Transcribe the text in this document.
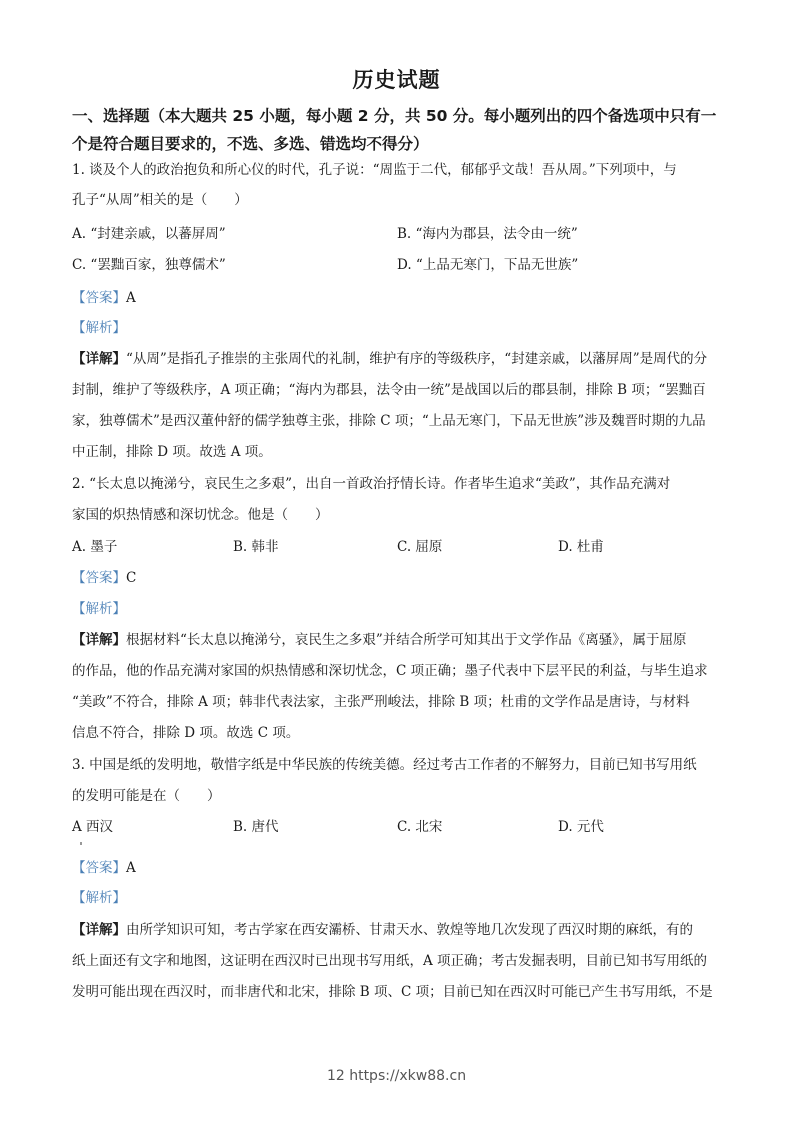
历史试题
一、选择题（本大题共 25 小题，每小题 2 分，共 50 分。每小题列出的四个备选项中只有一个是符合题目要求的，不选、多选、错选均不得分）
1. 谈及个人的政治抱负和所心仪的时代，孔子说：“周监于二代，郁郁乎文哉！吾从周。”下列项中，与
孔子“从周”相关的是（　　）
A. “封建亲戚，以蕃屏周”	B. “海内为郡县，法令由一统”
C. “罢黜百家，独尊儒术”	D. “上品无寒门，下品无世族”
【答案】A
【解析】
【详解】“从周”是指孔子推崇的主张周代的礼制，维护有序的等级秩序，“封建亲戚，以藩屏周”是周代的分
封制，维护了等级秩序，A 项正确；“海内为郡县，法令由一统”是战国以后的郡县制，排除 B 项；“罢黜百
家，独尊儒术”是西汉董仲舒的儒学独尊主张，排除 C 项；“上品无寒门，下品无世族”涉及魏晋时期的九品
中正制，排除 D 项。故选 A 项。
2. “长太息以掩涕兮，哀民生之多艰”，出自一首政治抒情长诗。作者毕生追求“美政”，其作品充满对
家国的炽热情感和深切忧念。他是（　　）
A. 墨子	B. 韩非	C. 屈原	D. 杜甫
【答案】C
【解析】
【详解】根据材料“长太息以掩涕兮，哀民生之多艰”并结合所学可知其出于文学作品《离骚》，属于屈原
的作品，他的作品充满对家国的炽热情感和深切忧念，C 项正确；墨子代表中下层平民的利益，与毕生追求
“美政”不符合，排除 A 项；韩非代表法家，主张严刑峻法，排除 B 项；杜甫的文学作品是唐诗，与材料
信息不符合，排除 D 项。故选 C 项。
3. 中国是纸的发明地，敬惜字纸是中华民族的传统美德。经过考古工作者的不解努力，目前已知书写用纸
的发明可能是在（　　）
A 西汉	B. 唐代	C. 北宋	D. 元代
【答案】A
【解析】
【详解】由所学知识可知，考古学家在西安灞桥、甘肃天水、敦煌等地几次发现了西汉时期的麻纸，有的
纸上面还有文字和地图，这证明在西汉时已出现书写用纸，A 项正确；考古发掘表明，目前已知书写用纸的
发明可能出现在西汉时，而非唐代和北宋，排除 B 项、C 项；目前已知在西汉时可能已产生书写用纸，不是
12 https://xkw88.cn
